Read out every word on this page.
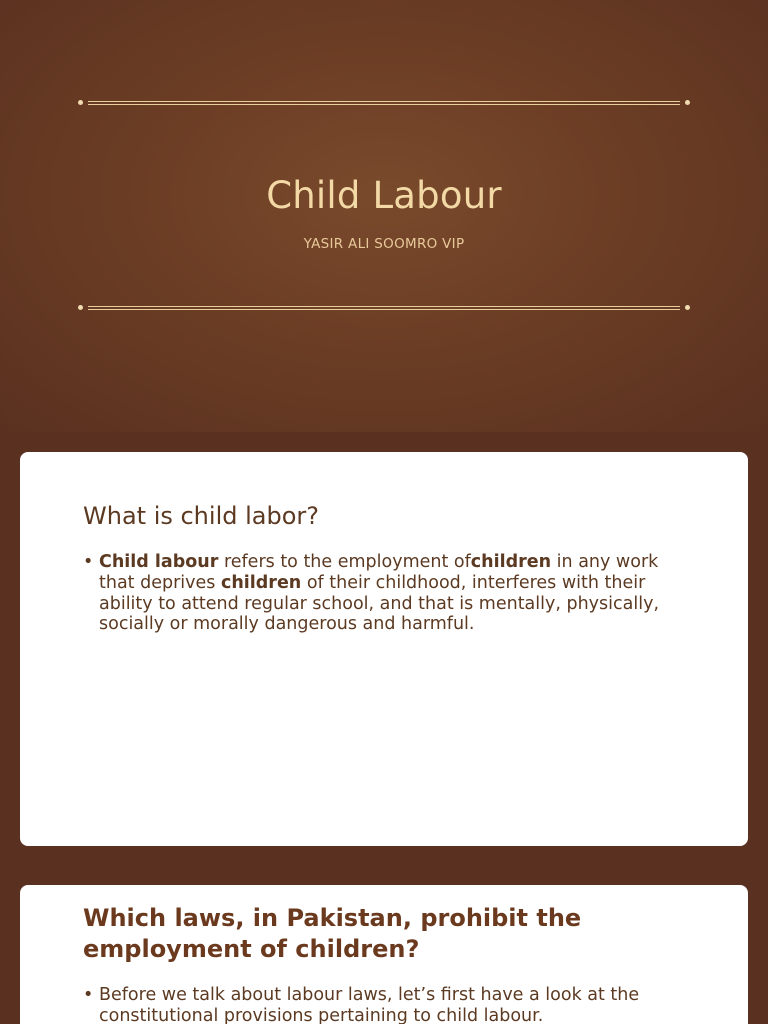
Child Labour
YASIR ALI SOOMRO VIP
What is child labor?
• Child labour refers to the employment ofchildren in any work that deprives children of their childhood, interferes with their ability to attend regular school, and that is mentally, physically, socially or morally dangerous and harmful.
Which laws, in Pakistan, prohibit the employment of children?
• Before we talk about labour laws, let’s first have a look at the constitutional provisions pertaining to child labour.
